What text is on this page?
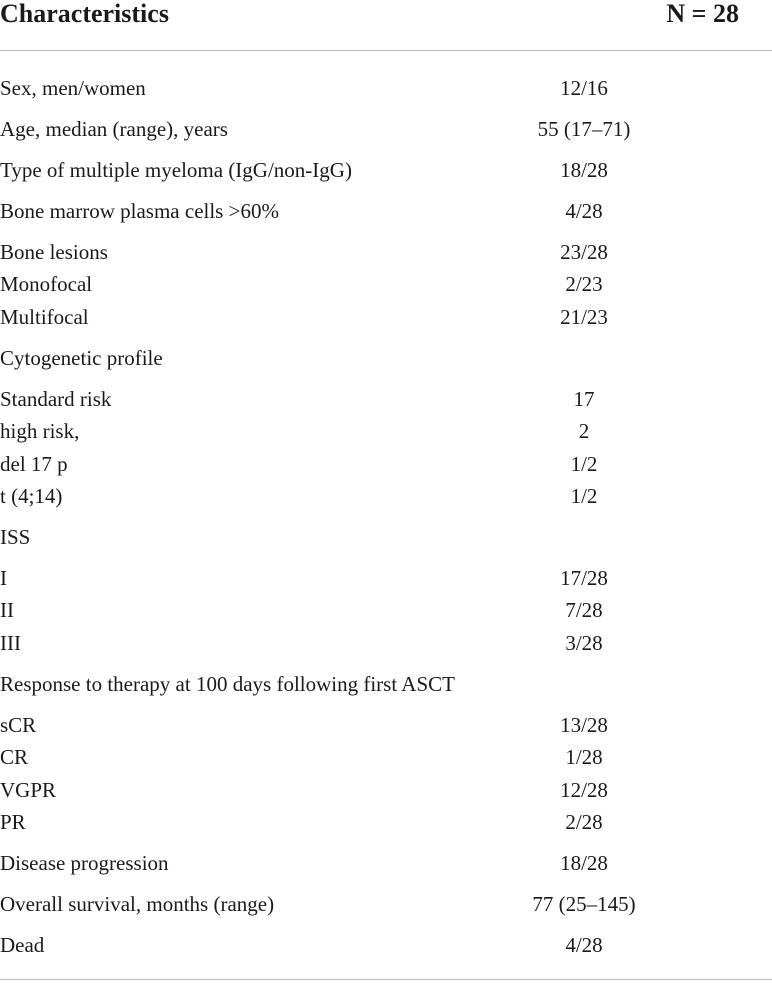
Characteristics	N = 28
Sex, men/women	12/16
Age, median (range), years	55 (17–71)
Type of multiple myeloma (IgG/non-IgG)	18/28
Bone marrow plasma cells >60%	4/28
Bone lesions	23/28
Monofocal	2/23
Multifocal	21/23
Cytogenetic profile
Standard risk	17
high risk,	2
del 17 p	1/2
t (4;14)	1/2
ISS
I	17/28
II	7/28
III	3/28
Response to therapy at 100 days following first ASCT
sCR	13/28
CR	1/28
VGPR	12/28
PR	2/28
Disease progression	18/28
Overall survival, months (range)	77 (25–145)
Dead	4/28
